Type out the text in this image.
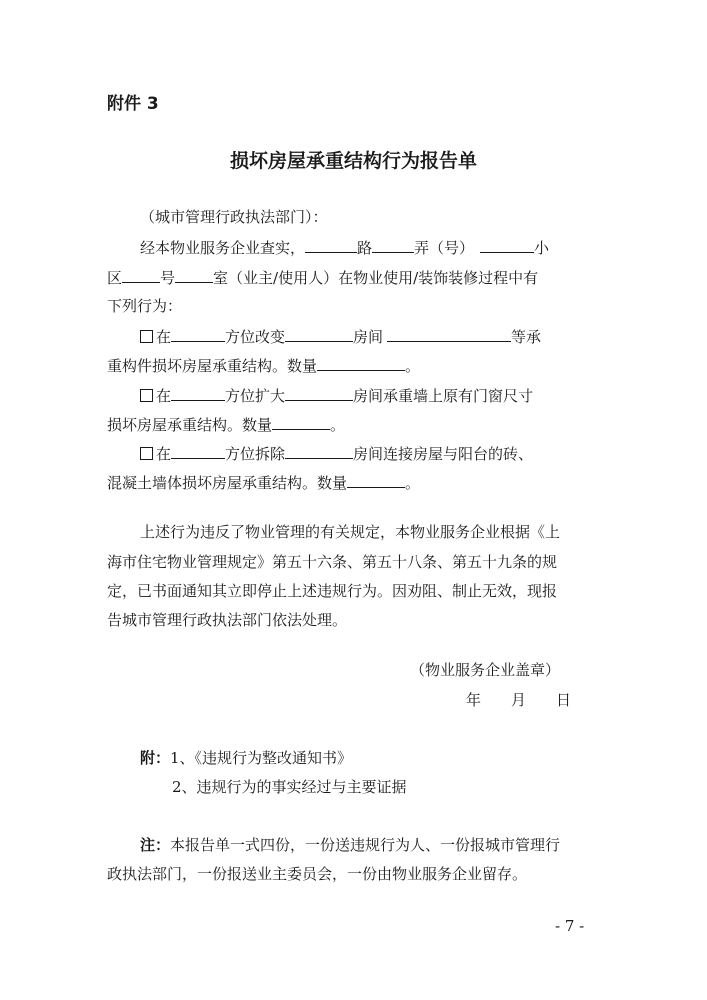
附件 3
损坏房屋承重结构行为报告单
（城市管理行政执法部门）：
经本物业服务企业查实，	路	弄（号）	小
区	号	室（业主/使用人）在物业使用/装饰装修过程中有
下列行为：
在	方位改变	房间	等承
重构件损坏房屋承重结构。数量	。
在	方位扩大	房间承重墙上原有门窗尺寸
损坏房屋承重结构。数量	。
在	方位拆除	房间连接房屋与阳台的砖、
混凝土墙体损坏房屋承重结构。数量	。
上述行为违反了物业管理的有关规定，本物业服务企业根据《上
海市住宅物业管理规定》第五十六条、第五十八条、第五十九条的规
定，已书面通知其立即停止上述违规行为。因劝阻、制止无效，现报
告城市管理行政执法部门依法处理。
（物业服务企业盖章）
年　　月　　日
附：1、《违规行为整改通知书》
2、违规行为的事实经过与主要证据
注：本报告单一式四份，一份送违规行为人、一份报城市管理行
政执法部门，一份报送业主委员会，一份由物业服务企业留存。
- 7 -
